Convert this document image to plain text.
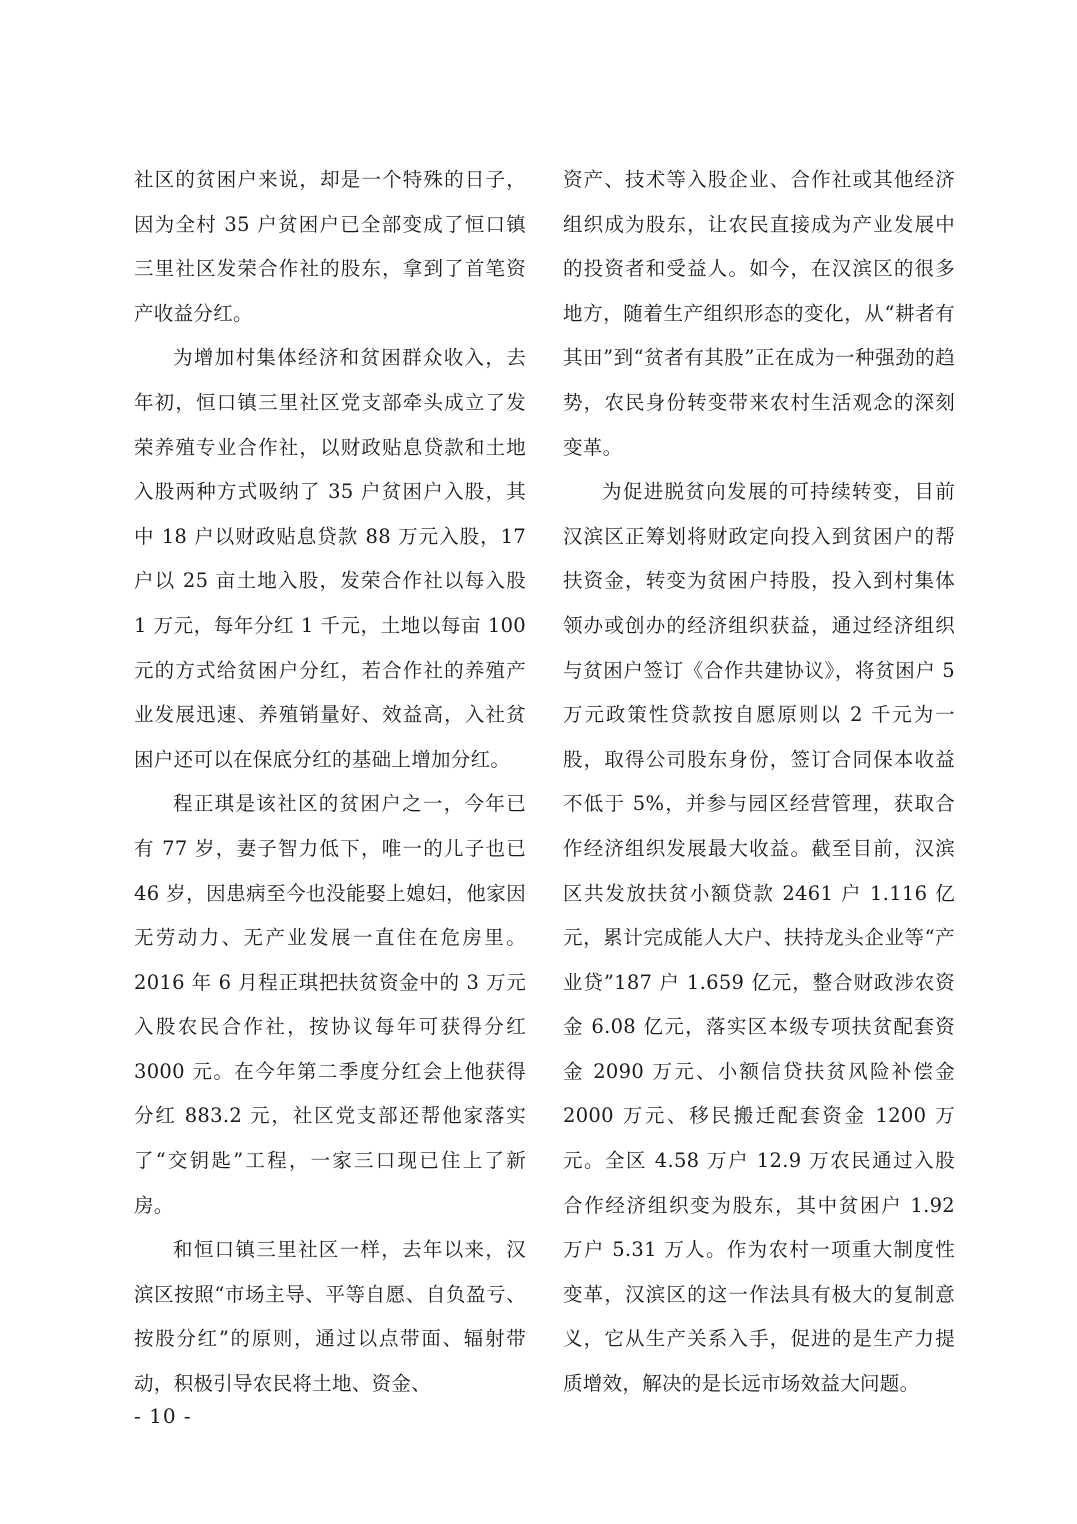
社区的贫困户来说，却是一个特殊的日子，因为全村 35 户贫困户已全部变成了恒口镇三里社区发荣合作社的股东，拿到了首笔资产收益分红。

为增加村集体经济和贫困群众收入，去年初，恒口镇三里社区党支部牵头成立了发荣养殖专业合作社，以财政贴息贷款和土地入股两种方式吸纳了 35 户贫困户入股，其中 18 户以财政贴息贷款 88 万元入股，17 户以 25 亩土地入股，发荣合作社以每入股 1 万元，每年分红 1 千元，土地以每亩 100 元的方式给贫困户分红，若合作社的养殖产业发展迅速、养殖销量好、效益高，入社贫困户还可以在保底分红的基础上增加分红。

程正琪是该社区的贫困户之一，今年已有 77 岁，妻子智力低下，唯一的儿子也已 46 岁，因患病至今也没能娶上媳妇，他家因无劳动力、无产业发展一直住在危房里。2016 年 6 月程正琪把扶贫资金中的 3 万元入股农民合作社，按协议每年可获得分红 3000 元。在今年第二季度分红会上他获得分红 883.2 元，社区党支部还帮他家落实了“交钥匙”工程，一家三口现已住上了新房。

和恒口镇三里社区一样，去年以来，汉滨区按照“市场主导、平等自愿、自负盈亏、按股分红”的原则，通过以点带面、辐射带动，积极引导农民将土地、资金、

资产、技术等入股企业、合作社或其他经济组织成为股东，让农民直接成为产业发展中的投资者和受益人。如今，在汉滨区的很多地方，随着生产组织形态的变化，从“耕者有其田”到“贫者有其股”正在成为一种强劲的趋势，农民身份转变带来农村生活观念的深刻变革。

为促进脱贫向发展的可持续转变，目前汉滨区正筹划将财政定向投入到贫困户的帮扶资金，转变为贫困户持股，投入到村集体领办或创办的经济组织获益，通过经济组织与贫困户签订《合作共建协议》，将贫困户 5 万元政策性贷款按自愿原则以 2 千元为一股，取得公司股东身份，签订合同保本收益不低于 5%，并参与园区经营管理，获取合作经济组织发展最大收益。截至目前，汉滨区共发放扶贫小额贷款 2461 户 1.116 亿元，累计完成能人大户、扶持龙头企业等“产业贷”187 户 1.659 亿元，整合财政涉农资金 6.08 亿元，落实区本级专项扶贫配套资金 2090 万元、小额信贷扶贫风险补偿金 2000 万元、移民搬迁配套资金 1200 万元。全区 4.58 万户 12.9 万农民通过入股合作经济组织变为股东，其中贫困户 1.92 万户 5.31 万人。作为农村一项重大制度性变革，汉滨区的这一作法具有极大的复制意义，它从生产关系入手，促进的是生产力提质增效，解决的是长远市场效益大问题。

- 10 -
